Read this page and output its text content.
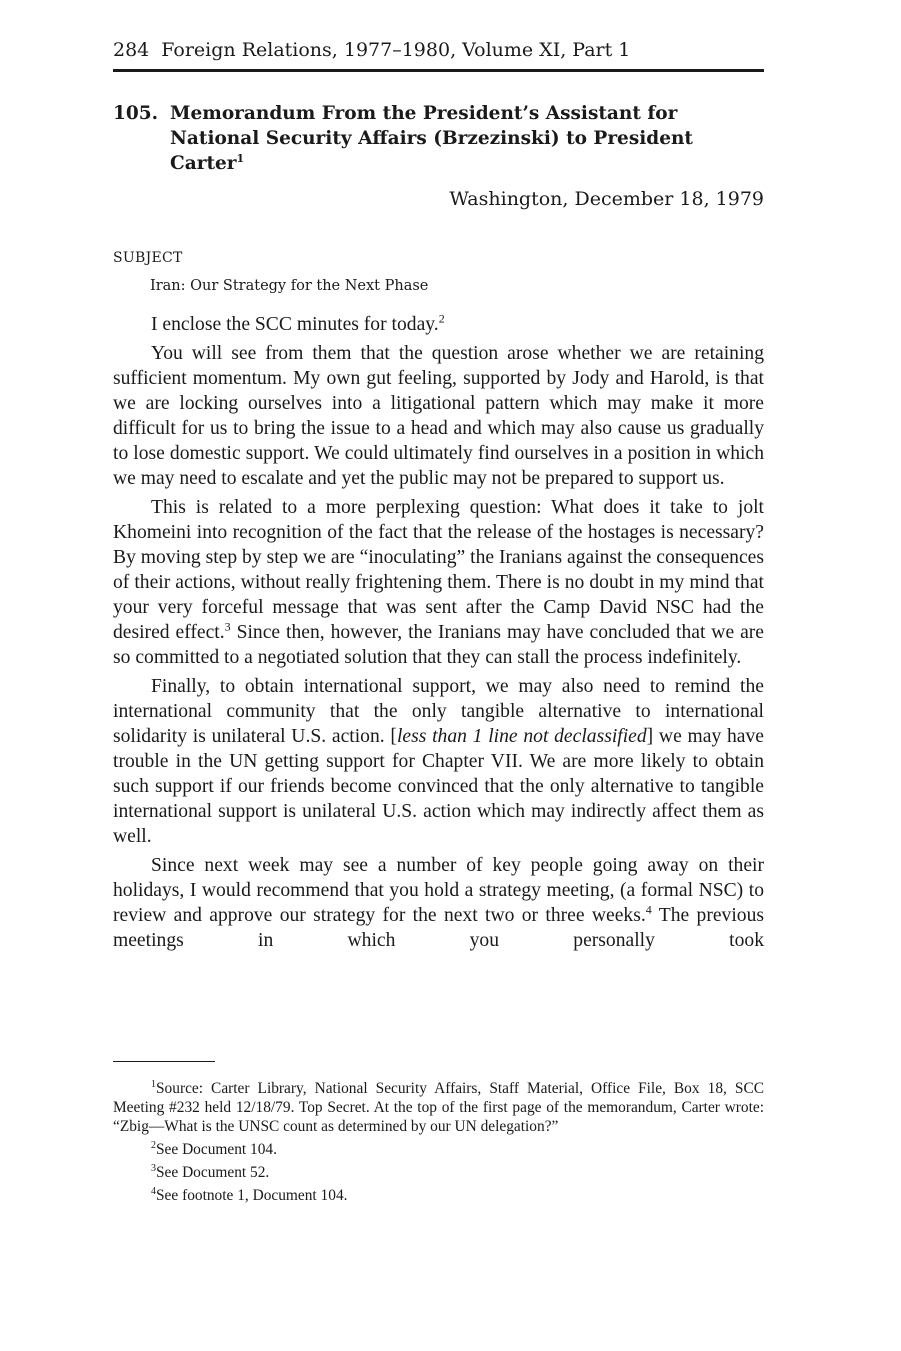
284 Foreign Relations, 1977–1980, Volume XI, Part 1
105. Memorandum From the President’s Assistant for National Security Affairs (Brzezinski) to President Carter$^1$
Washington, December 18, 1979
SUBJECT
Iran: Our Strategy for the Next Phase

I enclose the SCC minutes for today.$^2$

You will see from them that the question arose whether we are retaining sufficient momentum. My own gut feeling, supported by Jody and Harold, is that we are locking ourselves into a litigational pattern which may make it more difficult for us to bring the issue to a head and which may also cause us gradually to lose domestic support. We could ultimately find ourselves in a position in which we may need to escalate and yet the public may not be prepared to support us.

This is related to a more perplexing question: What does it take to jolt Khomeini into recognition of the fact that the release of the hostages is necessary? By moving step by step we are “inoculating” the Iranians against the consequences of their actions, without really frightening them. There is no doubt in my mind that your very forceful message that was sent after the Camp David NSC had the desired effect.$^3$ Since then, however, the Iranians may have concluded that we are so committed to a negotiated solution that they can stall the process indefinitely.

Finally, to obtain international support, we may also need to remind the international community that the only tangible alternative to international solidarity is unilateral U.S. action. [less than 1 line not declassified] we may have trouble in the UN getting support for Chapter VII. We are more likely to obtain such support if our friends become convinced that the only alternative to tangible international support is unilateral U.S. action which may indirectly affect them as well.

Since next week may see a number of key people going away on their holidays, I would recommend that you hold a strategy meeting, (a formal NSC) to review and approve our strategy for the next two or three weeks.$^4$ The previous meetings in which you personally took

$^1$Source: Carter Library, National Security Affairs, Staff Material, Office File, Box 18, SCC Meeting #232 held 12/18/79. Top Secret. At the top of the first page of the memorandum, Carter wrote: “Zbig—What is the UNSC count as determined by our UN delegation?”

$^2$See Document 104.

$^3$See Document 52.

$^4$See footnote 1, Document 104.
